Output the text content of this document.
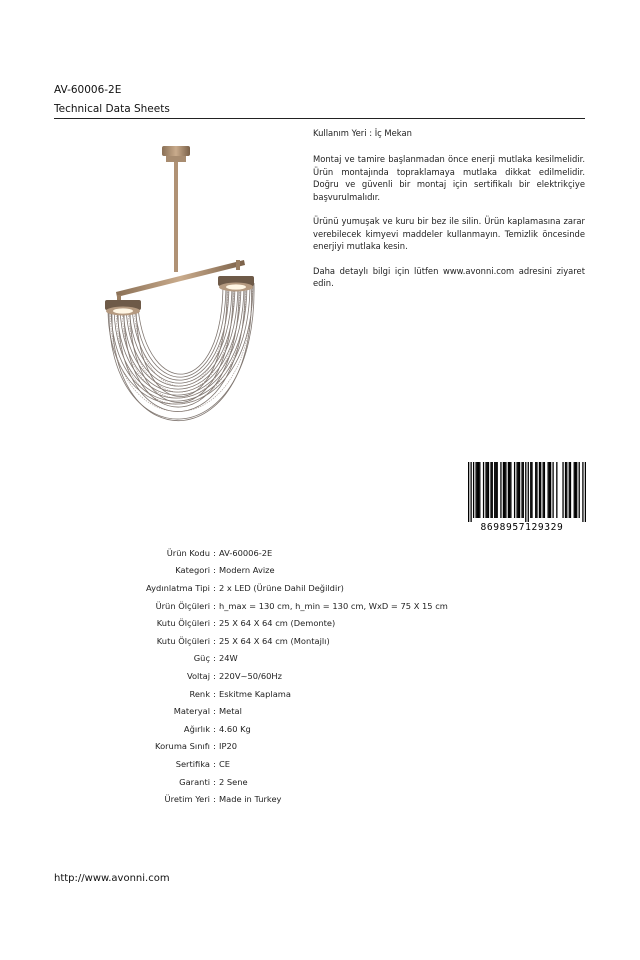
AV-60006-2E
Technical Data Sheets

Kullanım Yeri : İç Mekan

Montaj ve tamire başlanmadan önce enerji mutlaka kesilmelidir. Ürün montajında topraklamaya mutlaka dikkat edilmelidir. Doğru ve güvenli bir montaj için sertifikalı bir elektrikçiye başvurulmalıdır.

Ürünü yumuşak ve kuru bir bez ile silin. Ürün kaplamasına zarar verebilecek kimyevi maddeler kullanmayın. Temizlik öncesinde enerjiyi mutlaka kesin.

Daha detaylı bilgi için lütfen www.avonni.com adresini ziyaret edin.

8698957129329
Ürün Kodu : AV-60006-2E
Kategori : Modern Avize
Aydınlatma Tipi : 2 x LED (Ürüne Dahil Değildir)
Ürün Ölçüleri : h_max = 130 cm, h_min = 130 cm, WxD = 75 X 15 cm
Kutu Ölçüleri : 25 X 64 X 64 cm (Demonte)
Kutu Ölçüleri : 25 X 64 X 64 cm (Montajlı)
Güç : 24W
Voltaj : 220V~50/60Hz
Renk : Eskitme Kaplama
Materyal : Metal
Ağırlık : 4.60 Kg
Koruma Sınıfı : IP20
Sertifika : CE
Garanti : 2 Sene
Üretim Yeri : Made in Turkey
http://www.avonni.com
